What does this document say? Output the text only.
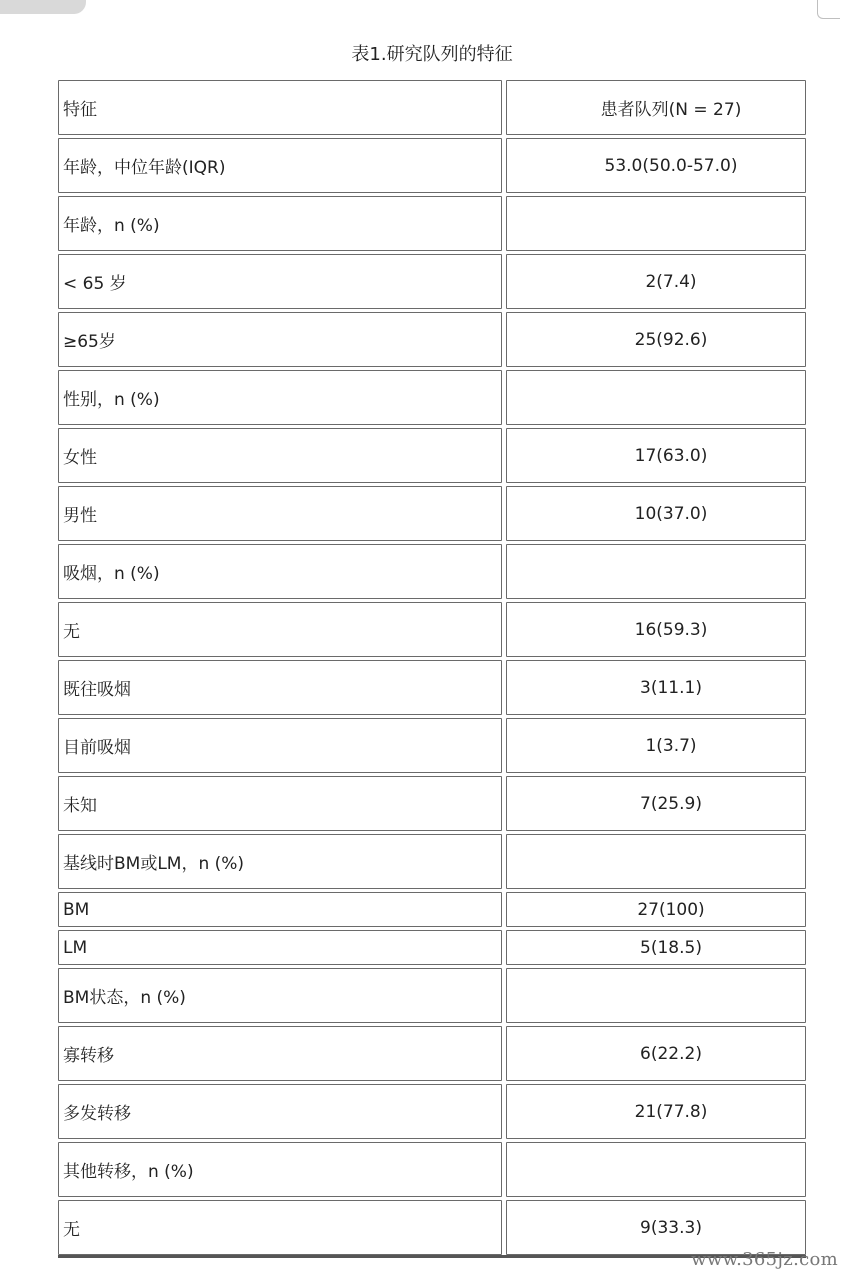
表1.研究队列的特征
特征	患者队列(N = 27)
年龄，中位年龄(IQR)	53.0(50.0-57.0)
年龄，n (%)
< 65 岁	2(7.4)
≥65岁	25(92.6)
性别，n (%)
女性	17(63.0)
男性	10(37.0)
吸烟，n (%)
无	16(59.3)
既往吸烟	3(11.1)
目前吸烟	1(3.7)
未知	7(25.9)
基线时BM或LM，n (%)
BM	27(100)
LM	5(18.5)
BM状态，n (%)
寡转移	6(22.2)
多发转移	21(77.8)
其他转移，n (%)
无	9(33.3)
www.365jz.com
